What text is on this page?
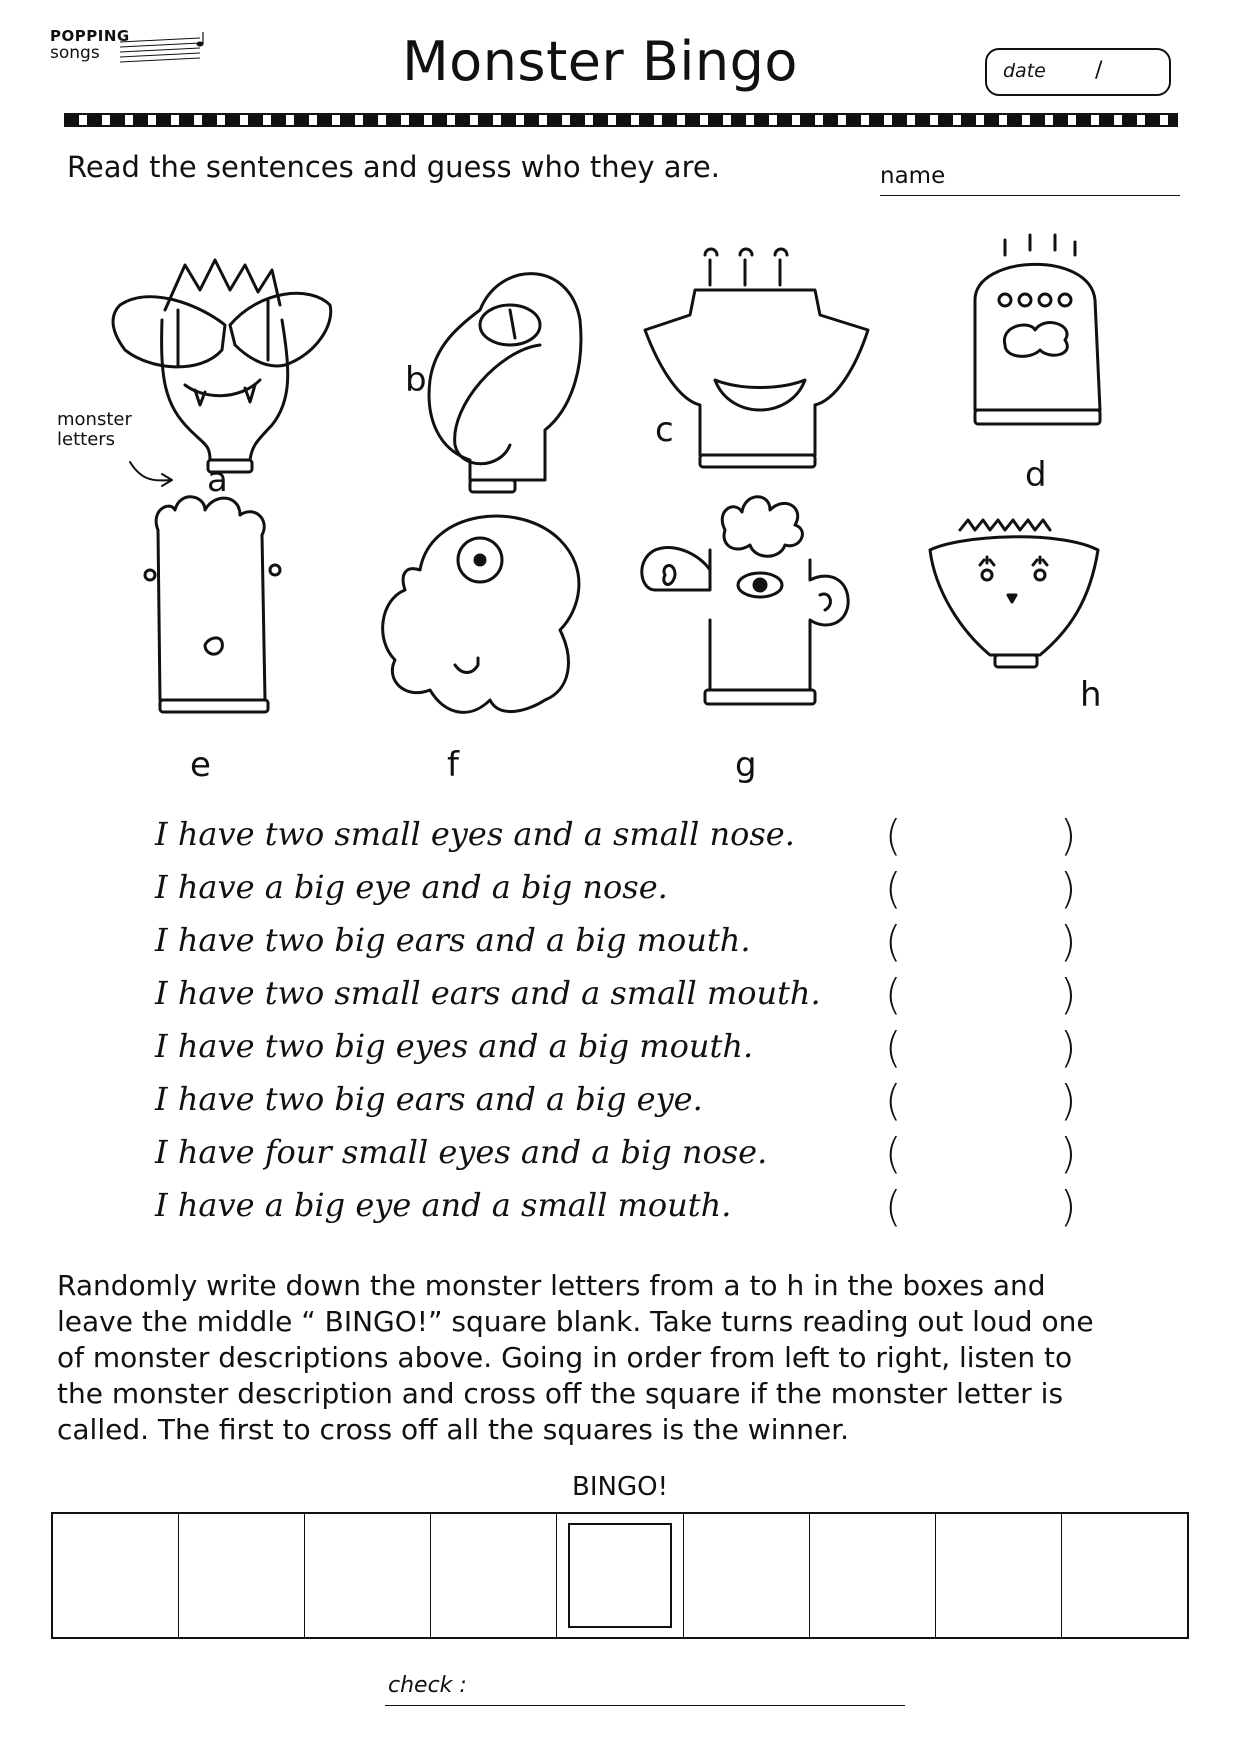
POPPING
songs	Monster Bingo	date /
Read the sentences and guess who they are.	name
a
b
c
d
e	f	g
h
monster
letters
I have two small eyes and a small nose. (	)
I have a big eye and a big nose.	(	)
I have two big ears and a big mouth.	(	)
I have two small ears and a small mouth. (	)
I have two big eyes and a big mouth.	(	)
I have two big ears and a big eye.	(	)
I have four small eyes and a big nose.	(	)
I have a big eye and a small mouth.	(	)
Randomly write down the monster letters from a to h in the boxes and
leave the middle “ BINGO!” square blank. Take turns reading out loud one
of monster descriptions above. Going in order from left to right, listen to
the monster description and cross off the square if the monster letter is
called. The first to cross off all the squares is the winner.
BINGO!
check :
